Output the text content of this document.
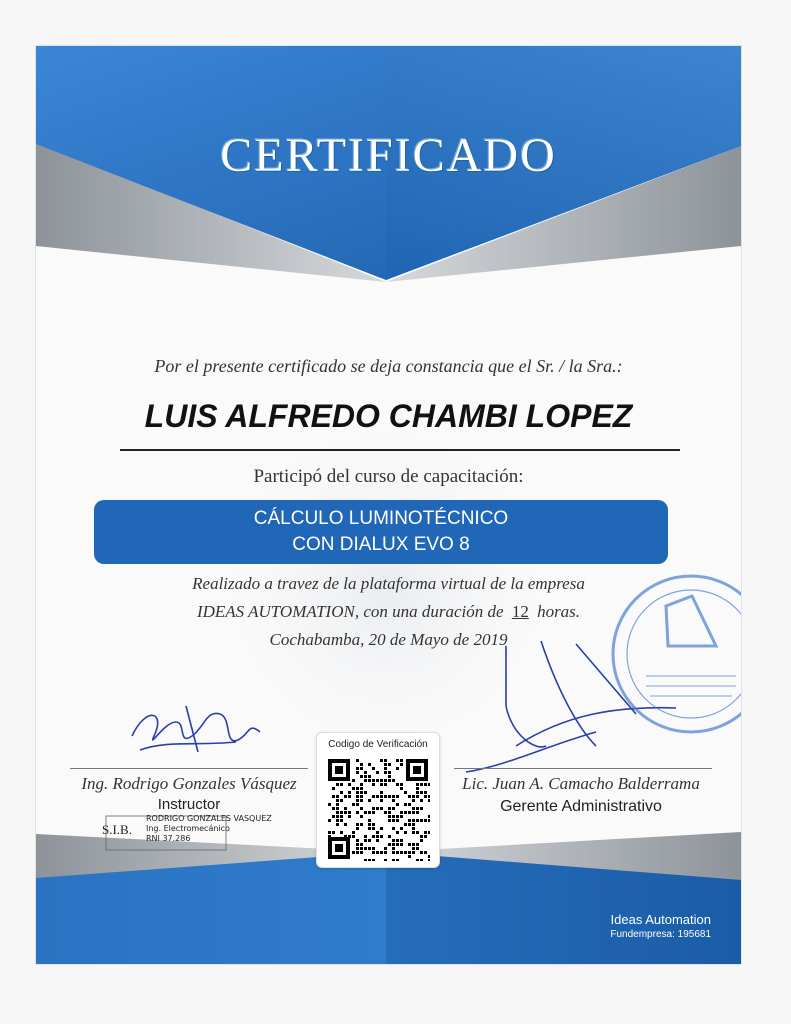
CERTIFICADO
Por el presente certificado se deja constancia que el Sr. / la Sra.:
LUIS ALFREDO CHAMBI LOPEZ
Participó del curso de capacitación:
CÁLCULO LUMINOTÉCNICO
CON DIALUX EVO 8
Realizado a travez de la plataforma virtual de la empresa
IDEAS AUTOMATION, con una duración de 12 horas.
Cochabamba, 20 de Mayo de 2019
Ing. Rodrigo Gonzales Vásquez
Instructor
S.I.B.
RODRIGO GONZALES VASQUEZ
Ing. Electromecánico
RNI 37.286
Lic. Juan A. Camacho Balderrama
Gerente Administrativo
Codigo de Verificación
Ideas Automation
Fundempresa: 195681
